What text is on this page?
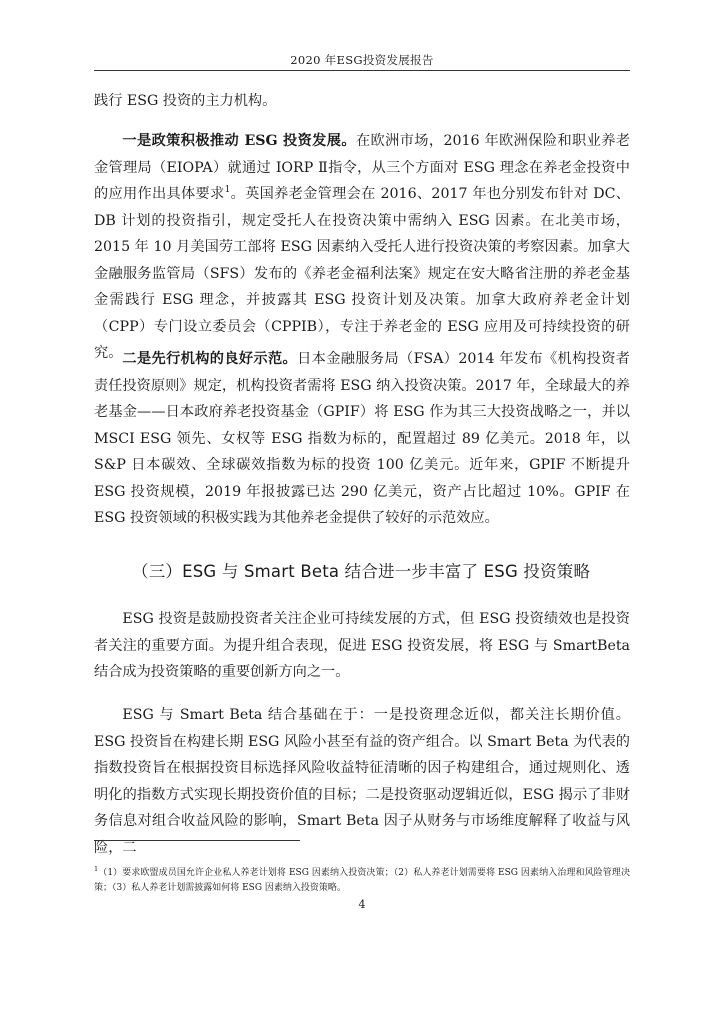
2020 年ESG投资发展报告

践行 ESG 投资的主力机构。

一是政策积极推动 ESG 投资发展。在欧洲市场，2016 年欧洲保险和职业养老金管理局（EIOPA）就通过 IORP Ⅱ指令，从三个方面对 ESG 理念在养老金投资中的应用作出具体要求$^1$。英国养老金管理会在 2016、2017 年也分别发布针对 DC、DB 计划的投资指引，规定受托人在投资决策中需纳入 ESG 因素。在北美市场，2015 年 10 月美国劳工部将 ESG 因素纳入受托人进行投资决策的考察因素。加拿大金融服务监管局（SFS）发布的《养老金福利法案》规定在安大略省注册的养老金基金需践行 ESG 理念，并披露其 ESG 投资计划及决策。加拿大政府养老金计划（CPP）专门设立委员会（CPPIB），专注于养老金的 ESG 应用及可持续投资的研究。 二是先行机构的良好示范。日本金融服务局（FSA）2014 年发布《机构投资者责任投资原则》规定，机构投资者需将 ESG 纳入投资决策。2017 年，全球最大的养老基金——日本政府养老投资基金（GPIF）将 ESG 作为其三大投资战略之一，并以 MSCI ESG 领先、女权等 ESG 指数为标的，配置超过 89 亿美元。2018 年，以 S&P 日本碳效、全球碳效指数为标的投资 100 亿美元。近年来，GPIF 不断提升 ESG 投资规模，2019 年报披露已达 290 亿美元，资产占比超过 10%。GPIF 在 ESG 投资领域的积极实践为其他养老金提供了较好的示范效应。

（三）ESG 与 Smart Beta 结合进一步丰富了 ESG 投资策略

ESG 投资是鼓励投资者关注企业可持续发展的方式，但 ESG 投资绩效也是投资者关注的重要方面。为提升组合表现，促进 ESG 投资发展，将 ESG 与 SmartBeta 结合成为投资策略的重要创新方向之一。

ESG 与 Smart Beta 结合基础在于：一是投资理念近似，都关注长期价值。ESG 投资旨在构建长期 ESG 风险小甚至有益的资产组合。以 Smart Beta 为代表的指数投资旨在根据投资目标选择风险收益特征清晰的因子构建组合，通过规则化、透明化的指数方式实现长期投资价值的目标；二是投资驱动逻辑近似，ESG 揭示了非财务信息对组合收益风险的影响，Smart Beta 因子从财务与市场维度解释了收益与风险，二

$^1$（1）要求欧盟成员国允许企业私人养老计划将 ESG 因素纳入投资决策；（2）私人养老计划需要将 ESG 因素纳入治理和风险管理决策；（3）私人养老计划需披露如何将 ESG 因素纳入投资策略。

4
